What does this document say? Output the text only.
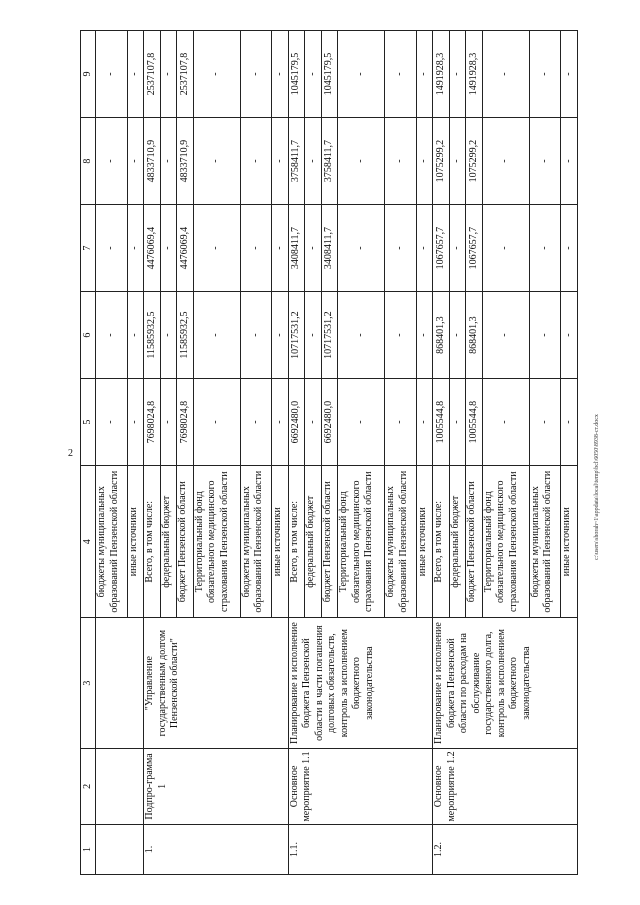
2	c:\users\shorah~1\appdata\local\temp\bcl\6050\8938-ст.docx
1	2	3	4	5	6	7	8	9
			бюджеты муниципальных образований Пензенской области	-	-	-	-	-
			иные источники	-	-	-	-	-
1.	Подпро-грамма 1	"Управление государственным долгом Пензенской области"	Всего, в том числе:	7698024,8	11585932,5	4476069,4	4833710,9	2537107,8
			федеральный бюджет	-	-	-	-	-
			бюджет Пензенской области	7698024,8	11585932,5	4476069,4	4833710,9	2537107,8
			Территориальный фонд обязательного медицинского страхования Пензенской области	-	-	-	-	-
			бюджеты муниципальных образований Пензенской области	-	-	-	-	-
			иные источники	-	-	-	-	-
1.1.	Основное мероприятие 1.1	Планирование и исполнение бюджета Пензенской области в части погашения долговых обязательств, контроль за исполнением бюджетного законодательства	Всего, в том числе:	6692480,0	10717531,2	3408411,7	3758411,7	1045179,5
			федеральный бюджет	-	-	-	-	-
			бюджет Пензенской области	6692480,0	10717531,2	3408411,7	3758411,7	1045179,5
			Территориальный фонд обязательного медицинского страхования Пензенской области	-	-	-	-	-
			бюджеты муниципальных образований Пензенской области	-	-	-	-	-
			иные источники	-	-	-	-	-
1.2.	Основное мероприятие 1.2	Планирование и исполнение бюджета Пензенской области по расходам на обслуживание государственного долга, контроль за исполнением бюджетного законодательства	Всего, в том числе:	1005544,8	868401,3	1067657,7	1075299,2	1491928,3
			федеральный бюджет	-	-	-	-	-
			бюджет Пензенской области	1005544,8	868401,3	1067657,7	1075299,2	1491928,3
			Территориальный фонд обязательного медицинского страхования Пензенской области	-	-	-	-	-
			бюджеты муниципальных образований Пензенской области	-	-	-	-	-
			иные источники	-	-	-	-	-
